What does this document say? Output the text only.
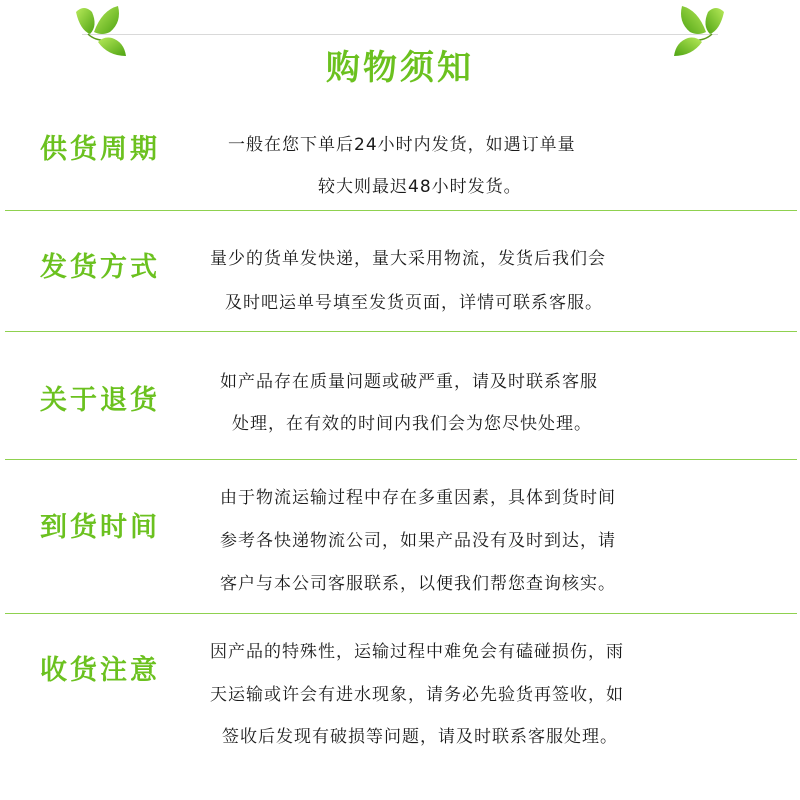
购物须知
供货周期	一般在您下单后24小时内发货，如遇订单量
较大则最迟48小时发货。
发货方式	量少的货单发快递，量大采用物流，发货后我们会
及时吧运单号填至发货页面，详情可联系客服。
关于退货
如产品存在质量问题或破严重，请及时联系客服
处理，在有效的时间内我们会为您尽快处理。
到货时间
由于物流运输过程中存在多重因素，具体到货时间
参考各快递物流公司，如果产品没有及时到达，请
客户与本公司客服联系，以便我们帮您查询核实。
收货注意
因产品的特殊性，运输过程中难免会有磕碰损伤，雨
天运输或许会有进水现象，请务必先验货再签收，如
签收后发现有破损等问题，请及时联系客服处理。
